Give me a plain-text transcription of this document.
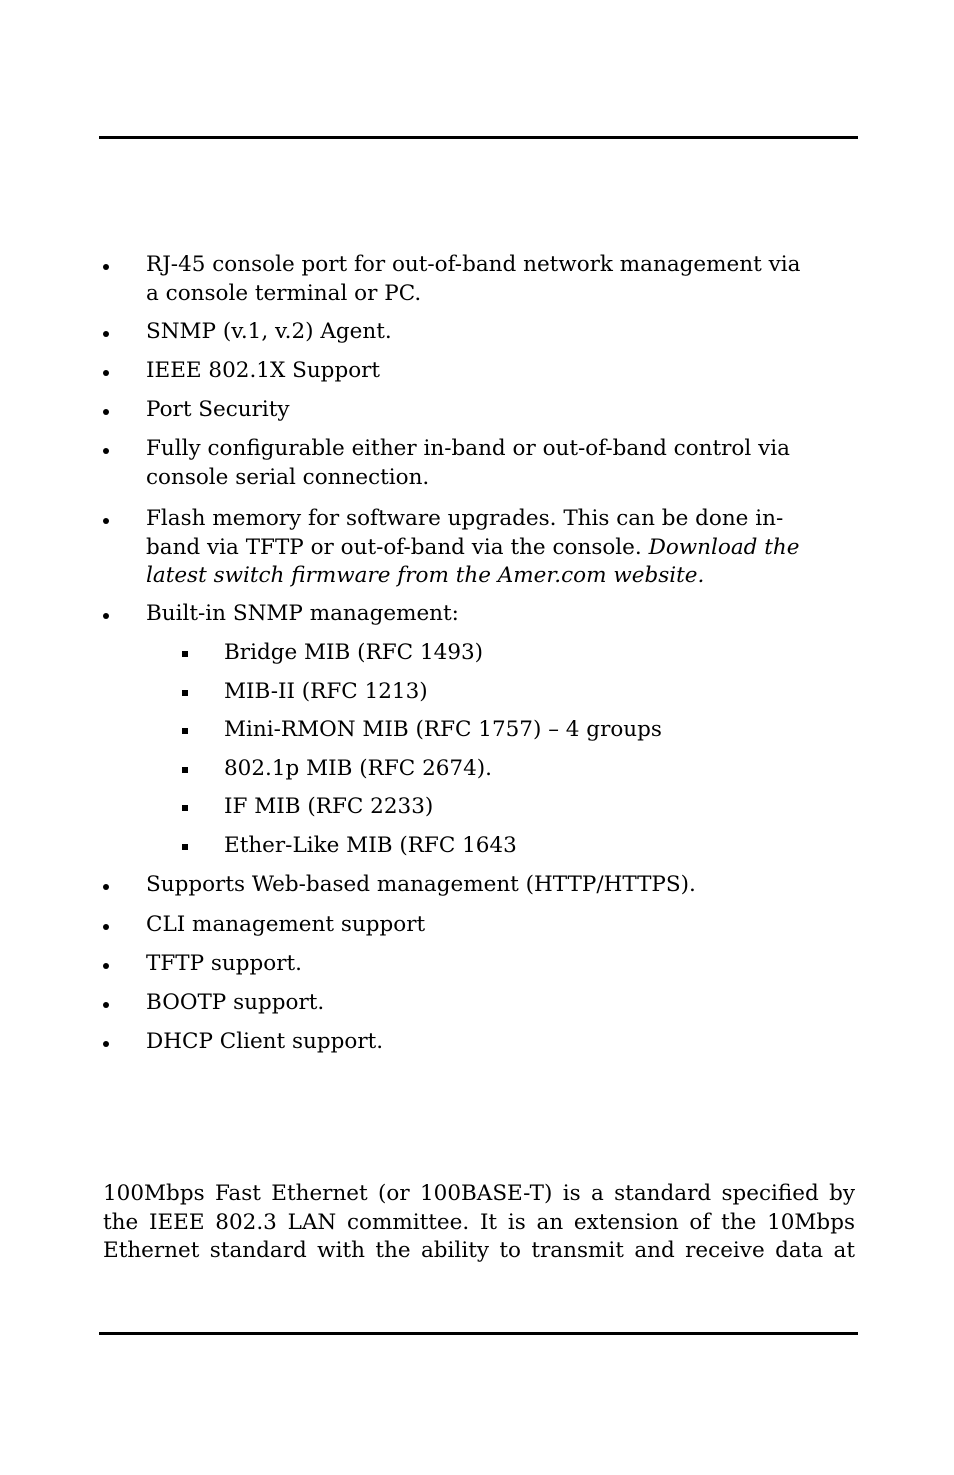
RJ-45 console port for out-of-band network management via
a console terminal or PC.
SNMP (v.1, v.2) Agent.
IEEE 802.1X Support
Port Security
Fully configurable either in-band or out-of-band control via
console serial connection.
Flash memory for software upgrades. This can be done in-
band via TFTP or out-of-band via the console. Download the
latest switch firmware from the Amer.com website.
Built-in SNMP management:
Bridge MIB (RFC 1493)
MIB-II (RFC 1213)
Mini-RMON MIB (RFC 1757) – 4 groups
802.1p MIB (RFC 2674).
IF MIB (RFC 2233)
Ether-Like MIB (RFC 1643
Supports Web-based management (HTTP/HTTPS).
CLI management support
TFTP support.
BOOTP support.
DHCP Client support.
100Mbps Fast Ethernet (or 100BASE-T) is a standard specified by
the IEEE 802.3 LAN committee. It is an extension of the 10Mbps
Ethernet standard with the ability to transmit and receive data at
